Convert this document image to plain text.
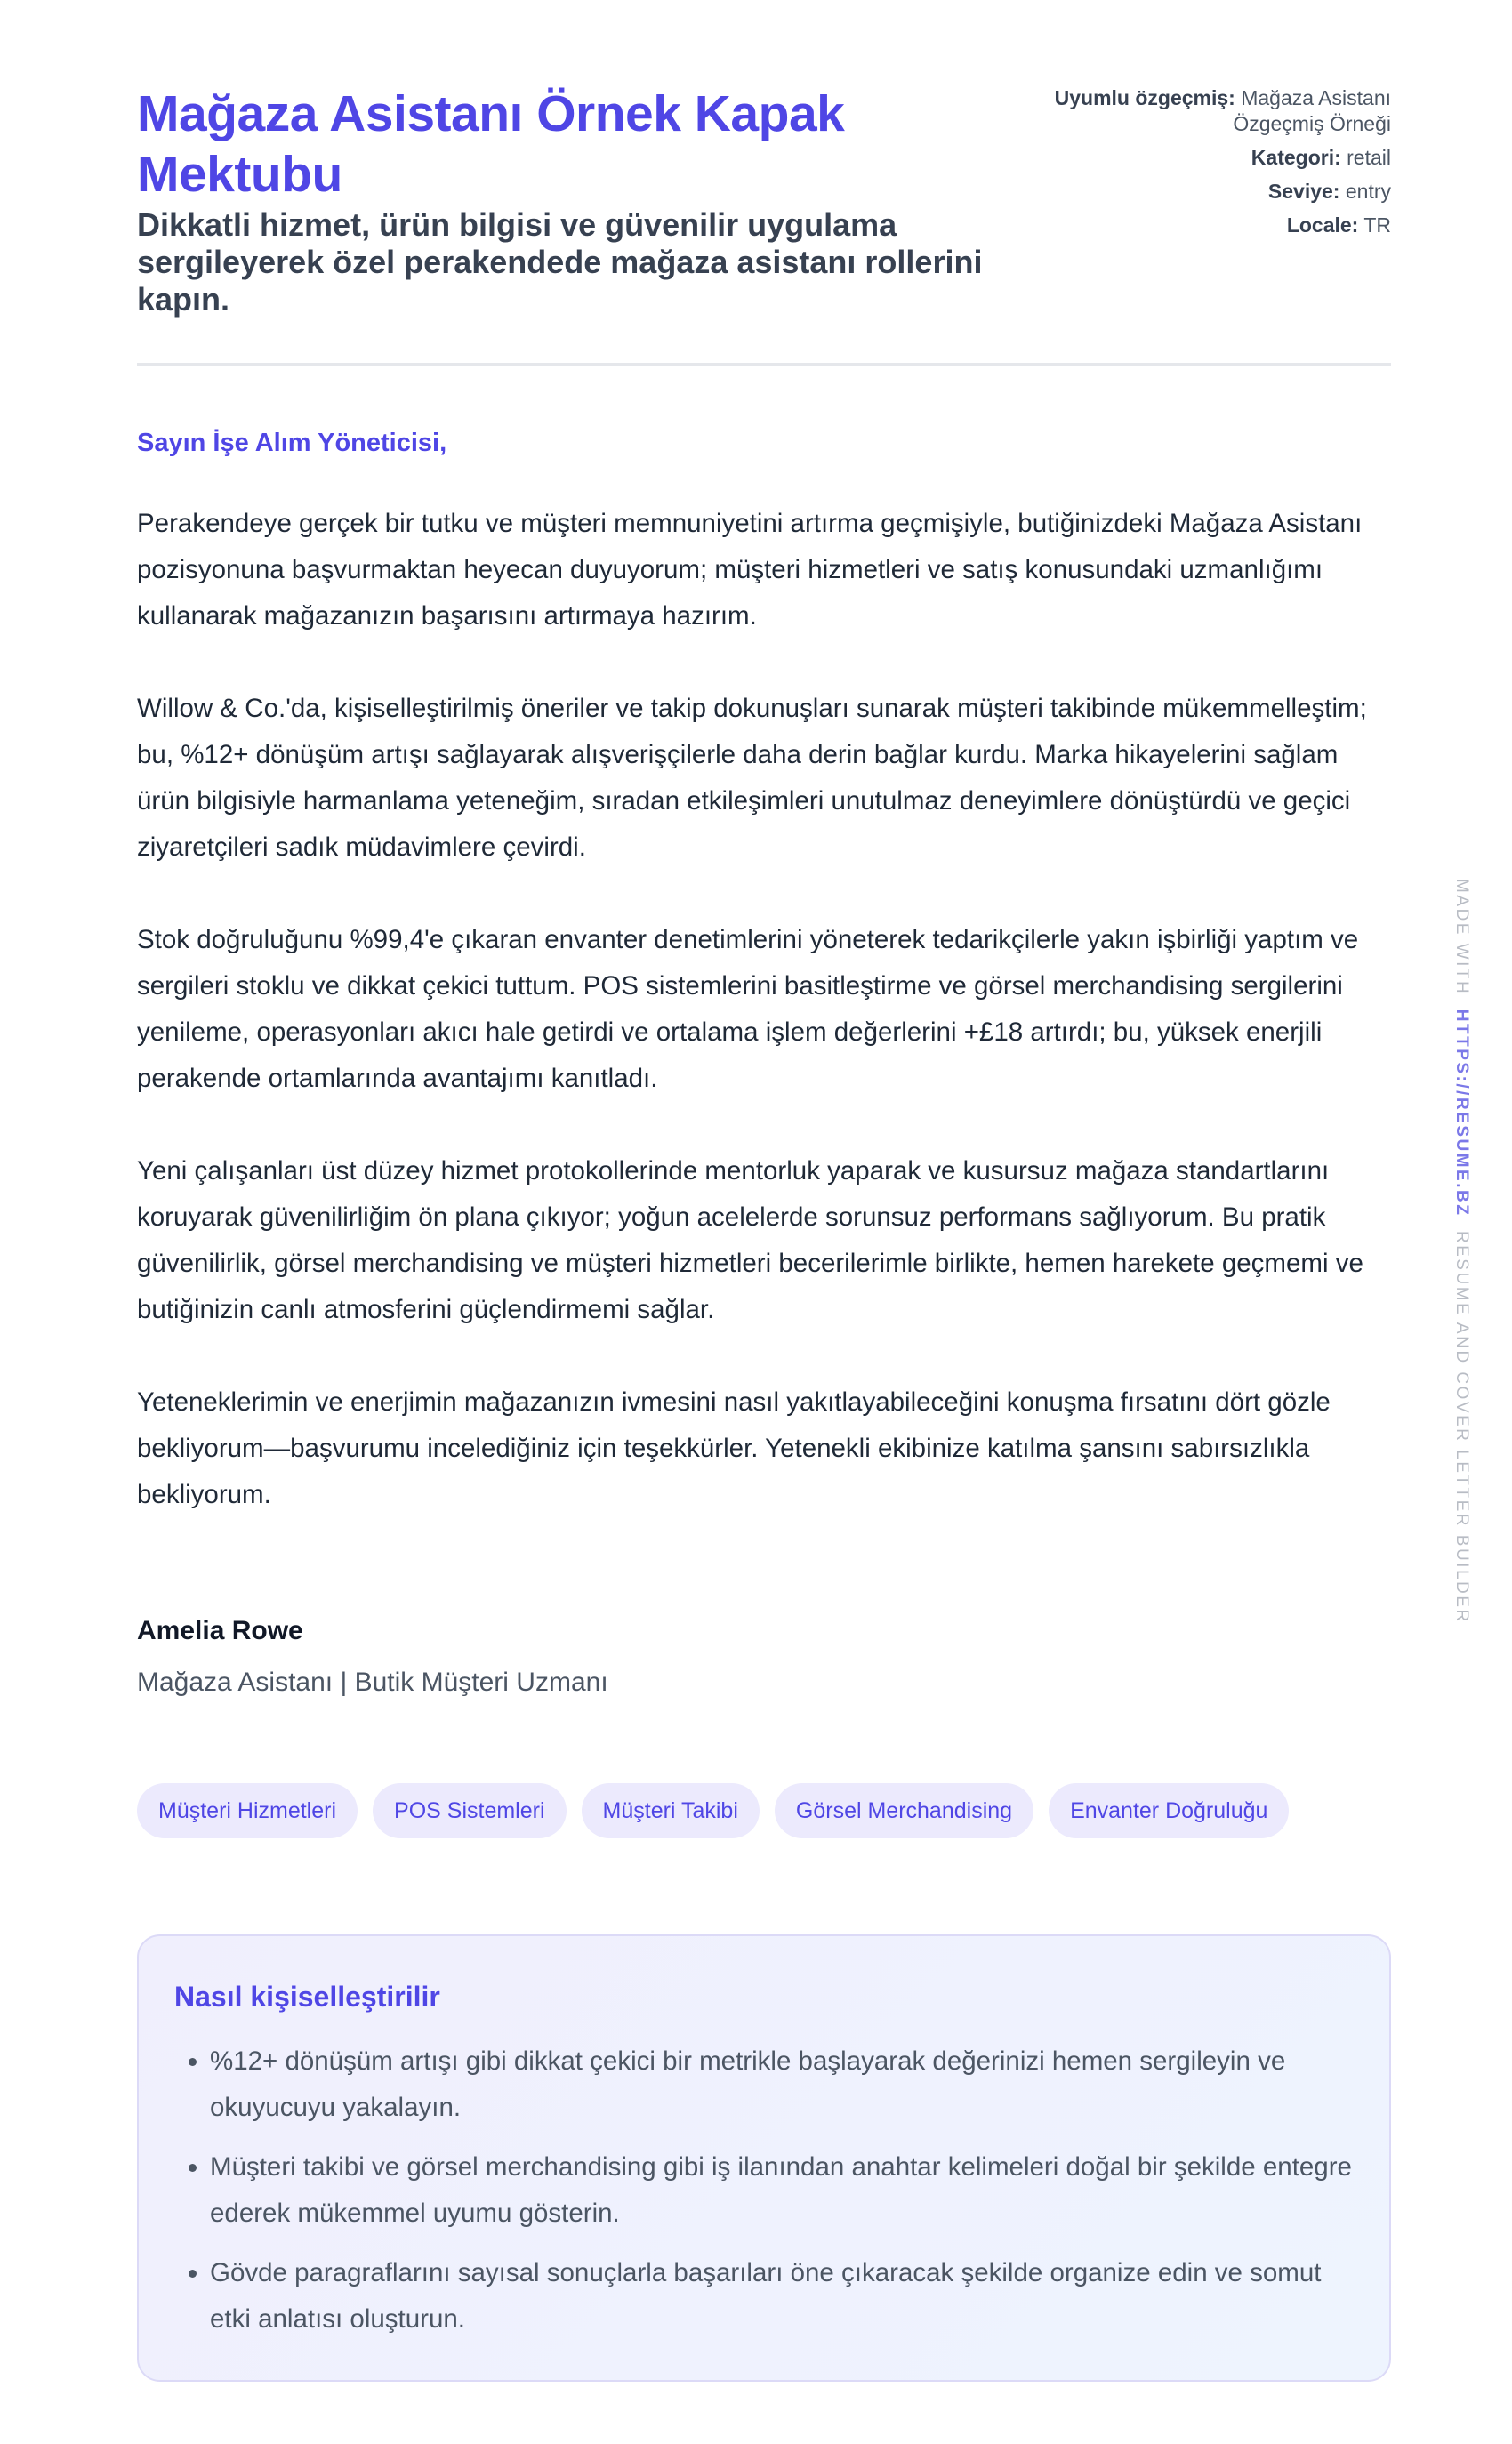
Mağaza Asistanı Örnek Kapak Mektubu
Dikkatli hizmet, ürün bilgisi ve güvenilir uygulama sergileyerek özel perakendede mağaza asistanı rollerini kapın.
Uyumlu özgeçmiş: Mağaza Asistanı Özgeçmiş Örneği
Kategori: retail
Seviye: entry
Locale: TR
Sayın İşe Alım Yöneticisi,

Perakendeye gerçek bir tutku ve müşteri memnuniyetini artırma geçmişiyle, butiğinizdeki Mağaza Asistanı pozisyonuna başvurmaktan heyecan duyuyorum; müşteri hizmetleri ve satış konusundaki uzmanlığımı kullanarak mağazanızın başarısını artırmaya hazırım.

Willow & Co.'da, kişiselleştirilmiş öneriler ve takip dokunuşları sunarak müşteri takibinde mükemmelleştim; bu, %12+ dönüşüm artışı sağlayarak alışverişçilerle daha derin bağlar kurdu. Marka hikayelerini sağlam ürün bilgisiyle harmanlama yeteneğim, sıradan etkileşimleri unutulmaz deneyimlere dönüştürdü ve geçici ziyaretçileri sadık müdavimlere çevirdi.

Stok doğruluğunu %99,4'e çıkaran envanter denetimlerini yöneterek tedarikçilerle yakın işbirliği yaptım ve sergileri stoklu ve dikkat çekici tuttum. POS sistemlerini basitleştirme ve görsel merchandising sergilerini yenileme, operasyonları akıcı hale getirdi ve ortalama işlem değerlerini +£18 artırdı; bu, yüksek enerjili perakende ortamlarında avantajımı kanıtladı.

Yeni çalışanları üst düzey hizmet protokollerinde mentorluk yaparak ve kusursuz mağaza standartlarını koruyarak güvenilirliğim ön plana çıkıyor; yoğun acelelerde sorunsuz performans sağlıyorum. Bu pratik güvenilirlik, görsel merchandising ve müşteri hizmetleri becerilerimle birlikte, hemen harekete geçmemi ve butiğinizin canlı atmosferini güçlendirmemi sağlar.

Yeteneklerimin ve enerjimin mağazanızın ivmesini nasıl yakıtlayabileceğini konuşma fırsatını dört gözle bekliyorum—başvurumu incelediğiniz için teşekkürler. Yetenekli ekibinize katılma şansını sabırsızlıkla bekliyorum.

Amelia Rowe
Mağaza Asistanı | Butik Müşteri Uzmanı
Müşteri Hizmetleri	POS Sistemleri	Müşteri Takibi	Görsel Merchandising	Envanter Doğruluğu
Nasıl kişiselleştirilir
• %12+ dönüşüm artışı gibi dikkat çekici bir metrikle başlayarak değerinizi hemen sergileyin ve okuyucuyu yakalayın.
• Müşteri takibi ve görsel merchandising gibi iş ilanından anahtar kelimeleri doğal bir şekilde entegre ederek mükemmel uyumu gösterin.
• Gövde paragraflarını sayısal sonuçlarla başarıları öne çıkaracak şekilde organize edin ve somut etki anlatısı oluşturun.
MADE WITH  HTTPS://RESUME.BZ  RESUME AND COVER LETTER BUILDER
